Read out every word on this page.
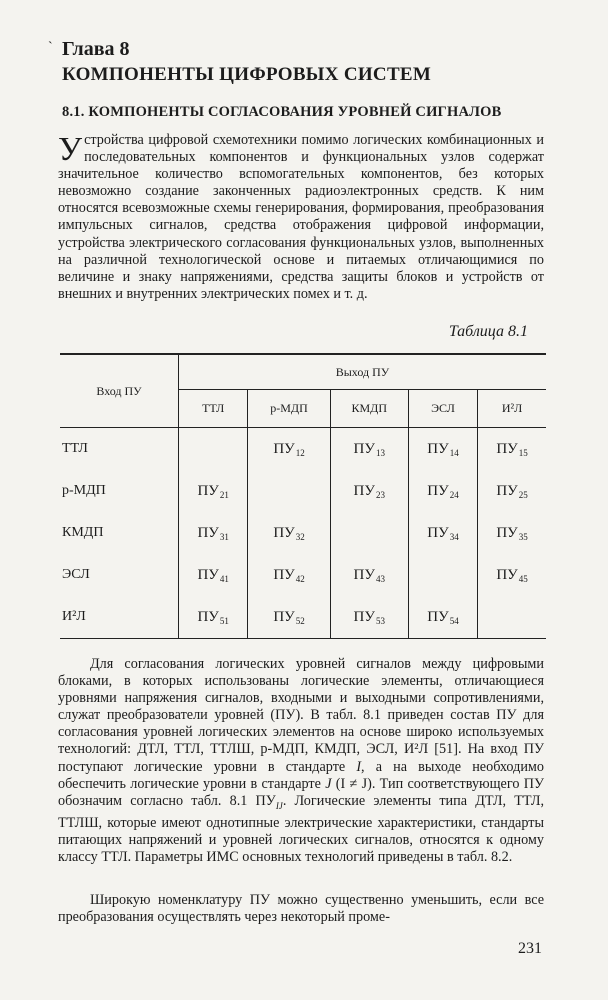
ˋ Глава 8
КОМПОНЕНТЫ ЦИФРОВЫХ СИСТЕМ
8.1. КОМПОНЕНТЫ СОГЛАСОВАНИЯ УРОВНЕЙ СИГНАЛОВ
Устройства цифровой схемотехники помимо логических комбинационных и последовательных компонентов и функциональных узлов содержат значительное количество вспомогательных компонентов, без которых невозможно создание законченных радиоэлектронных средств. К ним относятся всевозможные схемы генерирования, формирования, преобразования импульсных сигналов, средства отображения цифровой информации, устройства электрического согласования функциональных узлов, выполненных на различной технологической основе и питаемых отличающимися по величине и знаку напряжениями, средства защиты блоков и устройств от внешних и внутренних электрических помех и т. д.
Таблица 8.1
Вход ПУ	Выход ПУ				
	ТТЛ	р-МДП	КМДП	ЭСЛ	И²Л
ТТЛ		$ПУ_{12}$	$ПУ_{13}$	$ПУ_{14}$	$ПУ_{15}$
р-МДП	$ПУ_{21}$		$ПУ_{23}$	$ПУ_{24}$	$ПУ_{25}$
КМДП	$ПУ_{31}$	$ПУ_{32}$		$ПУ_{34}$	$ПУ_{35}$
ЭСЛ	$ПУ_{41}$	$ПУ_{42}$	$ПУ_{43}$		$ПУ_{45}$
И²Л	$ПУ_{51}$	$ПУ_{52}$	$ПУ_{53}$	$ПУ_{54}$	
Для согласования логических уровней сигналов между цифровыми блоками, в которых использованы логические элементы, отличающиеся уровнями напряжения сигналов, входными и выходными сопротивлениями, служат преобразователи уровней (ПУ). В табл. 8.1 приведен состав ПУ для согласования уровней логических элементов на основе широко используемых технологий: ДТЛ, ТТЛ, ТТЛШ, р-МДП, КМДП, ЭСЛ, И²Л [51]. На вход ПУ поступают логические уровни в стандарте I, а на выходе необходимо обеспечить логические уровни в стандарте J (I ≠ J). Тип соответствующего ПУ обозначим согласно табл. 8.1 $ПУ_{IJ}$. Логические элементы типа ДТЛ, ТТЛ, ТТЛШ, которые имеют однотипные электрические характеристики, стандарты питающих напряжений и уровней логических сигналов, относятся к одному классу ТТЛ. Параметры ИМС основных технологий приведены в табл. 8.2.
Широкую номенклатуру ПУ можно существенно уменьшить, если все преобразования осуществлять через некоторый проме-
231
